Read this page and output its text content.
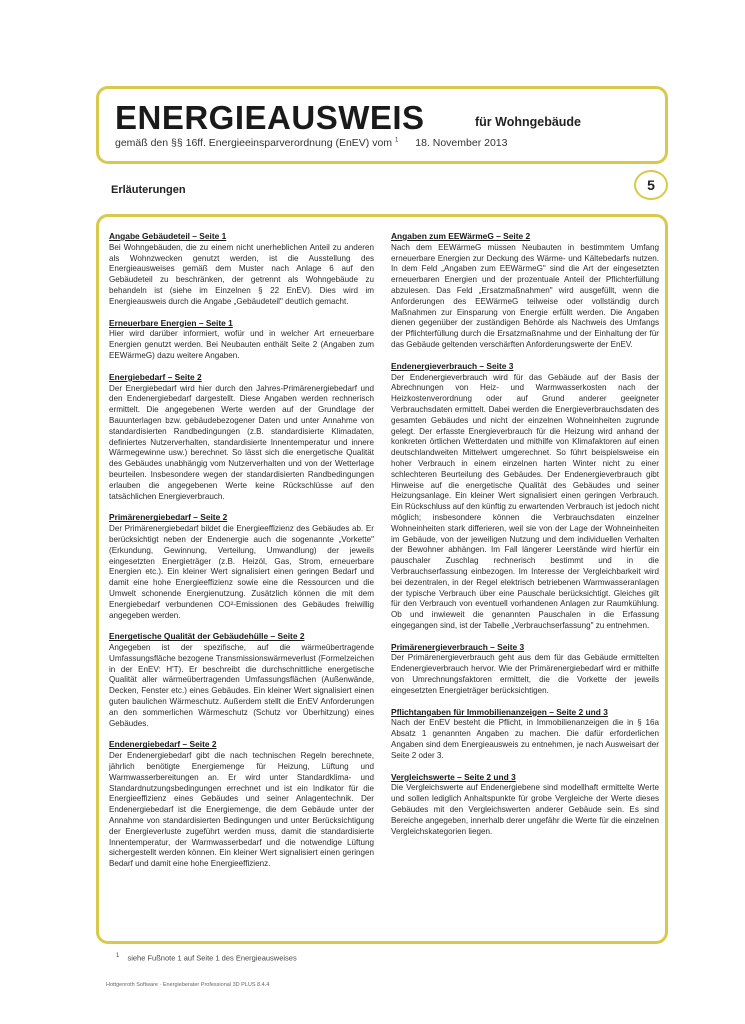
ENERGIEAUSWEIS	für Wohngebäude
gemäß den §§ 16ff. Energieeinsparverordnung (EnEV) vom $^1$ 18. November 2013
Erläuterungen	5
Angabe Gebäudeteil – Seite 1

Bei Wohngebäuden, die zu einem nicht unerheblichen Anteil zu anderen als Wohnzwecken genutzt werden, ist die Ausstellung des Energieausweises gemäß dem Muster nach Anlage 6 auf den Gebäudeteil zu beschränken, der getrennt als Wohngebäude zu behandeln ist (siehe im Einzelnen § 22 EnEV). Dies wird im Energieausweis durch die Angabe „Gebäudeteil" deutlich gemacht.

Erneuerbare Energien – Seite 1

Hier wird darüber informiert, wofür und in welcher Art erneuerbare Energien genutzt werden. Bei Neubauten enthält Seite 2 (Angaben zum EEWärmeG) dazu weitere Angaben.

Energiebedarf – Seite 2

Der Energiebedarf wird hier durch den Jahres-Primärenergiebedarf und den Endenergiebedarf dargestellt. Diese Angaben werden rechnerisch ermittelt. Die angegebenen Werte werden auf der Grundlage der Bauunterlagen bzw. gebäudebezogener Daten und unter Annahme von standardisierten Randbedingungen (z.B. standardisierte Klimadaten, definiertes Nutzerverhalten, standardisierte Innentemperatur und innere Wärmegewinne usw.) berechnet. So lässt sich die energetische Qualität des Gebäudes unabhängig vom Nutzerverhalten und von der Wetterlage beurteilen. Insbesondere wegen der standardisierten Randbedingungen erlauben die angegebenen Werte keine Rückschlüsse auf den tatsächlichen Energieverbrauch.

Primärenergiebedarf – Seite 2

Der Primärenergiebedarf bildet die Energieeffizienz des Gebäudes ab. Er berücksichtigt neben der Endenergie auch die sogenannte „Vorkette" (Erkundung, Gewinnung, Verteilung, Umwandlung) der jeweils eingesetzten Energieträger (z.B. Heizöl, Gas, Strom, erneuerbare Energien etc.). Ein kleiner Wert signalisiert einen geringen Bedarf und damit eine hohe Energieeffizienz sowie eine die Ressourcen und die Umwelt schonende Energienutzung. Zusätzlich können die mit dem Energiebedarf verbundenen CO²-Emissionen des Gebäudes freiwillig angegeben werden.

Energetische Qualität der Gebäudehülle – Seite 2

Angegeben ist der spezifische, auf die wärmeübertragende Umfassungsfläche bezogene Transmissionswärmeverlust (Formelzeichen in der EnEV: H'T). Er beschreibt die durchschnittliche energetische Qualität aller wärmeübertragenden Umfassungsflächen (Außenwände, Decken, Fenster etc.) eines Gebäudes. Ein kleiner Wert signalisiert einen guten baulichen Wärmeschutz. Außerdem stellt die EnEV Anforderungen an den sommerlichen Wärmeschutz (Schutz vor Überhitzung) eines Gebäudes.

Endenergiebedarf – Seite 2

Der Endenergiebedarf gibt die nach technischen Regeln berechnete, jährlich benötigte Energiemenge für Heizung, Lüftung und Warmwasserbereitungen an. Er wird unter Standardklima- und Standardnutzungsbedingungen errechnet und ist ein Indikator für die Energieeffizienz eines Gebäudes und seiner Anlagentechnik. Der Endenergiebedarf ist die Energiemenge, die dem Gebäude unter der Annahme von standardisierten Bedingungen und unter Berücksichtigung der Energieverluste zugeführt werden muss, damit die standardisierte Innentemperatur, der Warmwasserbedarf und die notwendige Lüftung sichergestellt werden können. Ein kleiner Wert signalisiert einen geringen Bedarf und damit eine hohe Energieeffizienz.

Angaben zum EEWärmeG – Seite 2

Nach dem EEWärmeG müssen Neubauten in bestimmtem Umfang erneuerbare Energien zur Deckung des Wärme- und Kältebedarfs nutzen. In dem Feld „Angaben zum EEWärmeG" sind die Art der eingesetzten erneuerbaren Energien und der prozentuale Anteil der Pflichterfüllung abzulesen. Das Feld „Ersatzmaßnahmen" wird ausgefüllt, wenn die Anforderungen des EEWärmeG teilweise oder vollständig durch Maßnahmen zur Einsparung von Energie erfüllt werden. Die Angaben dienen gegenüber der zuständigen Behörde als Nachweis des Umfangs der Pflichterfüllung durch die Ersatzmaßnahme und der Einhaltung der für das Gebäude geltenden verschärften Anforderungswerte der EnEV.

Endenergieverbrauch – Seite 3

Der Endenergieverbrauch wird für das Gebäude auf der Basis der Abrechnungen von Heiz- und Warmwasserkosten nach der Heizkostenverordnung oder auf Grund anderer geeigneter Verbrauchsdaten ermittelt. Dabei werden die Energieverbrauchsdaten des gesamten Gebäudes und nicht der einzelnen Wohneinheiten zugrunde gelegt. Der erfasste Energieverbrauch für die Heizung wird anhand der konkreten örtlichen Wetterdaten und mithilfe von Klimafaktoren auf einen deutschlandweiten Mittelwert umgerechnet. So führt beispielsweise ein hoher Verbrauch in einem einzelnen harten Winter nicht zu einer schlechteren Beurteilung des Gebäudes. Der Endenergieverbrauch gibt Hinweise auf die energetische Qualität des Gebäudes und seiner Heizungsanlage. Ein kleiner Wert signalisiert einen geringen Verbrauch. Ein Rückschluss auf den künftig zu erwartenden Verbrauch ist jedoch nicht möglich; insbesondere können die Verbrauchsdaten einzelner Wohneinheiten stark differieren, weil sie von der Lage der Wohneinheiten im Gebäude, von der jeweiligen Nutzung und dem individuellen Verhalten der Bewohner abhängen. Im Fall längerer Leerstände wird hierfür ein pauschaler Zuschlag rechnerisch bestimmt und in die Verbrauchserfassung einbezogen. Im Interesse der Vergleichbarkeit wird bei dezentralen, in der Regel elektrisch betriebenen Warmwasseranlagen der typische Verbrauch über eine Pauschale berücksichtigt. Gleiches gilt für den Verbrauch von eventuell vorhandenen Anlagen zur Raumkühlung. Ob und inwieweit die genannten Pauschalen in die Erfassung eingegangen sind, ist der Tabelle „Verbrauchserfassung" zu entnehmen.

Primärenergieverbrauch – Seite 3

Der Primärenergieverbrauch geht aus dem für das Gebäude ermittelten Endenergieverbrauch hervor. Wie der Primärenergiebedarf wird er mithilfe von Umrechnungsfaktoren ermittelt, die die Vorkette der jeweils eingesetzten Energieträger berücksichtigen.

Pflichtangaben für Immobilienanzeigen – Seite 2 und 3

Nach der EnEV besteht die Pflicht, in Immobilienanzeigen die in § 16a Absatz 1 genannten Angaben zu machen. Die dafür erforderlichen Angaben sind dem Energieausweis zu entnehmen, je nach Ausweisart der Seite 2 oder 3.

Vergleichswerte – Seite 2 und 3

Die Vergleichswerte auf Endenergiebene sind modellhaft ermittelte Werte und sollen lediglich Anhaltspunkte für grobe Vergleiche der Werte dieses Gebäudes mit den Vergleichswerten anderer Gebäude sein. Es sind Bereiche angegeben, innerhalb derer ungefähr die Werte für die einzelnen Vergleichskategorien liegen.

$^1$ siehe Fußnote 1 auf Seite 1 des Energieausweises
Hottgenroth Software · Energieberater Professional 3D PLUS 8.4.4
